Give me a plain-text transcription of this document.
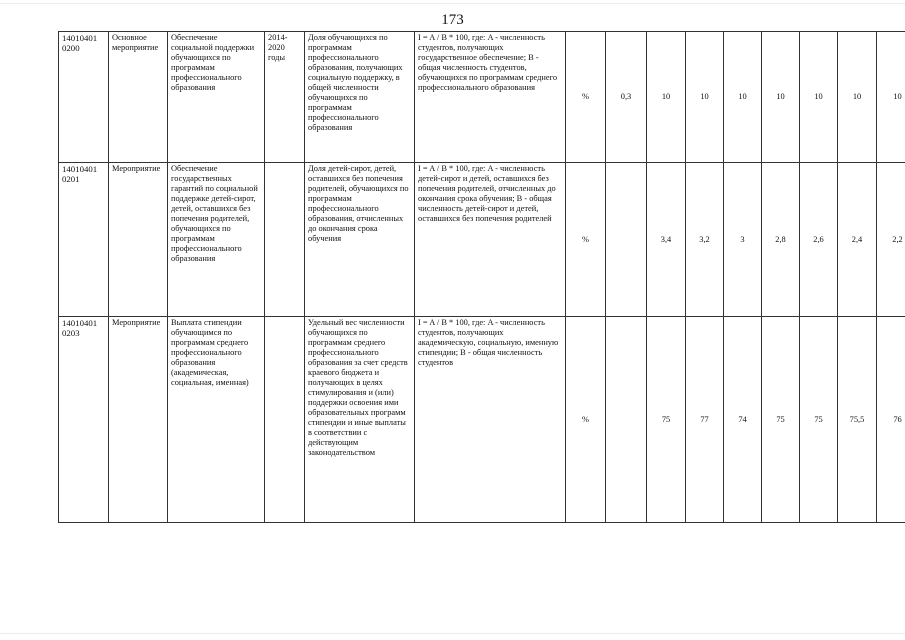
173
14010401 0200	Основное мероприятие	Обеспечение социальной поддержки обучающихся по программам профессионального образования	2014-2020 годы	Доля обучающихся по программам профессионального образования, получающих социальную поддержку, в общей численности обучающихся по программам профессионального образования	I = A / B * 100, где: A - численность студентов, получающих государственное обеспечение; B - общая численность студентов, обучающихся по программам среднего профессионального образования	%	0,3	10	10	10	10	10	10	10
14010401 0201	Мероприятие	Обеспечение государственных гарантий по социальной поддержке детей-сирот, детей, оставшихся без попечения родителей, обучающихся по программам профессионального образования		Доля детей-сирот, детей, оставшихся без попечения родителей, обучающихся по программам профессионального образования, отчисленных до окончания срока обучения	I = A / B * 100, где: A - численность детей-сирот и детей, оставшихся без попечения родителей, отчисленных до окончания срока обучения; B - общая численность детей-сирот и детей, оставшихся без попечения родителей	%		3,4	3,2	3	2,8	2,6	2,4	2,2
14010401 0203	Мероприятие	Выплата стипендии обучающимся по программам среднего профессионального образования (академическая, социальная, именная)		Удельный вес численности обучающихся по программам среднего профессионального образования за счет средств краевого бюджета и получающих в целях стимулирования и (или) поддержки освоения ими образовательных программ стипендии и иные выплаты в соответствии с действующим законодательством	I = A / B * 100, где: A - численность студентов, получающих академическую, социальную, именную стипендии; B - общая численность студентов	%		75	77	74	75	75	75,5	76
